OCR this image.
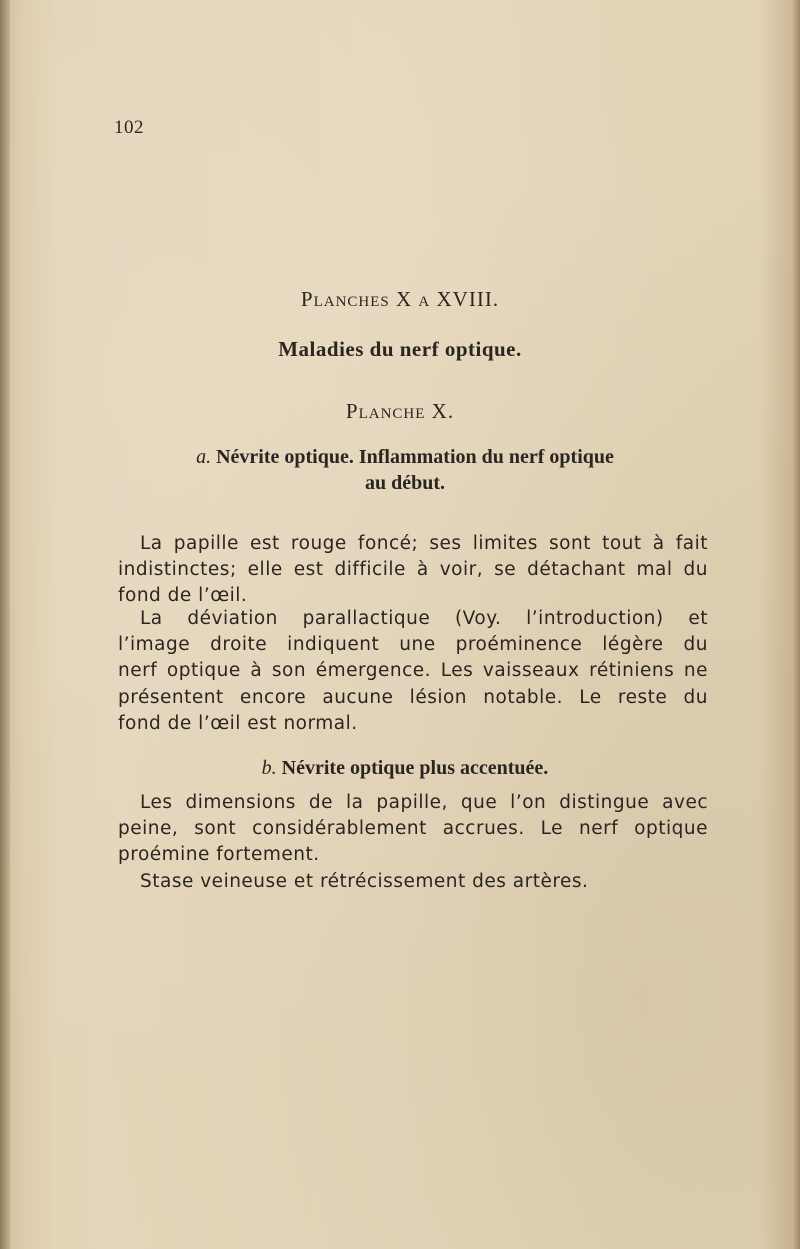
102
Planches X a XVIII.
Maladies du nerf optique.
Planche X.
a. Névrite optique. Inflammation du nerf optique
au début.
La papille est rouge foncé; ses limites sont tout à fait
indistinctes; elle est difficile à voir, se détachant mal du
fond de l’œil.
La déviation parallactique (Voy. l’introduction) et
l’image droite indiquent une proéminence légère du
nerf optique à son émergence. Les vaisseaux rétiniens ne
présentent encore aucune lésion notable. Le reste du
fond de l’œil est normal.
b. Névrite optique plus accentuée.
Les dimensions de la papille, que l’on distingue avec
peine, sont considérablement accrues. Le nerf optique
proémine fortement.
Stase veineuse et rétrécissement des artères.
